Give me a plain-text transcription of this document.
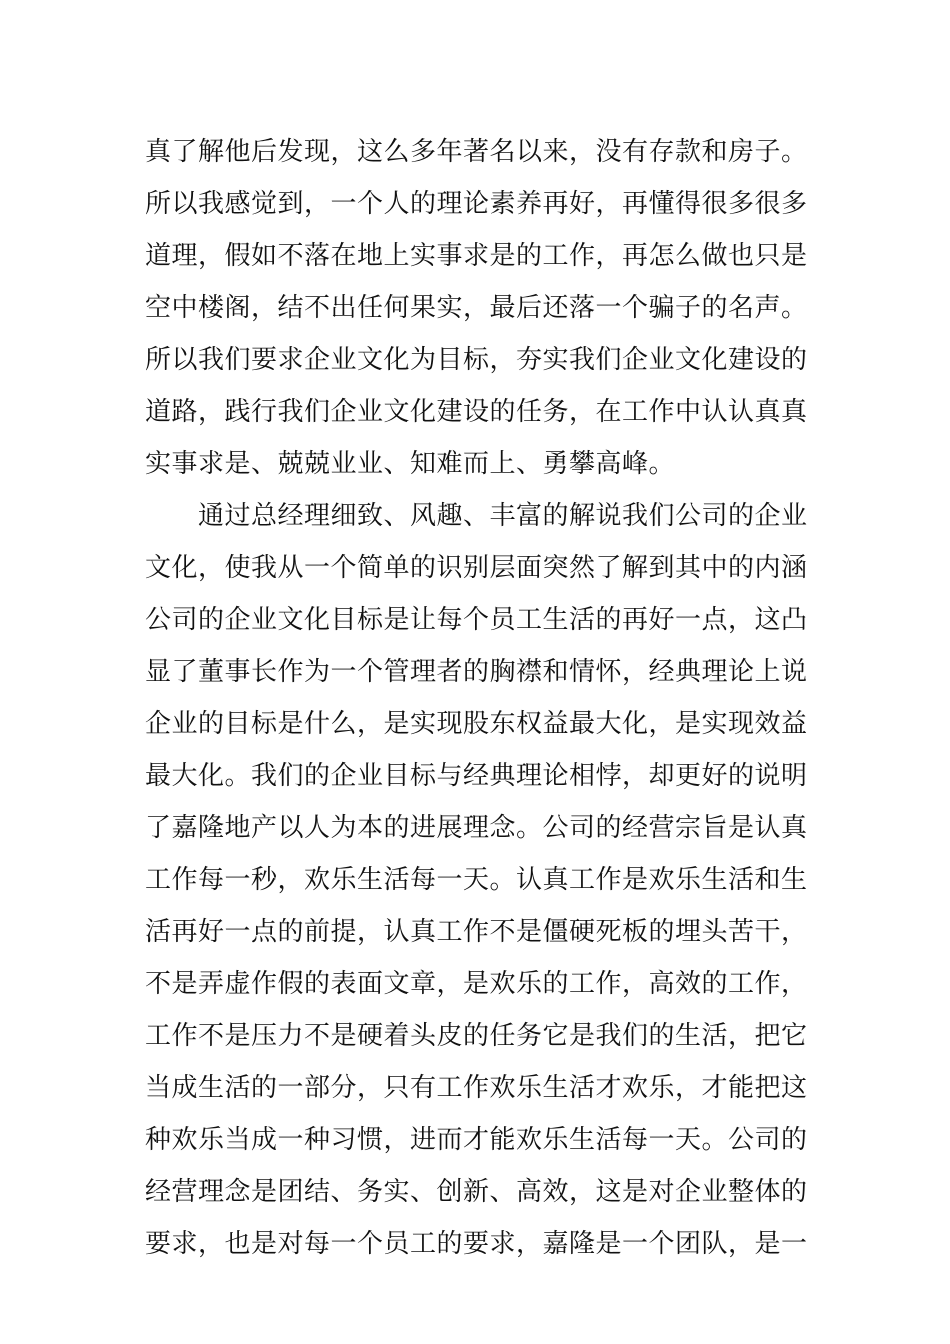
真了解他后发现，这么多年著名以来，没有存款和房子。
所以我感觉到，一个人的理论素养再好，再懂得很多很多
道理，假如不落在地上实事求是的工作，再怎么做也只是
空中楼阁，结不出任何果实，最后还落一个骗子的名声。
所以我们要求企业文化为目标，夯实我们企业文化建设的
道路，践行我们企业文化建设的任务，在工作中认认真真
实事求是、兢兢业业、知难而上、勇攀高峰。
　　通过总经理细致、风趣、丰富的解说我们公司的企业
文化，使我从一个简单的识别层面突然了解到其中的内涵
公司的企业文化目标是让每个员工生活的再好一点，这凸
显了董事长作为一个管理者的胸襟和情怀，经典理论上说
企业的目标是什么，是实现股东权益最大化，是实现效益
最大化。我们的企业目标与经典理论相悖，却更好的说明
了嘉隆地产以人为本的进展理念。公司的经营宗旨是认真
工作每一秒，欢乐生活每一天。认真工作是欢乐生活和生
活再好一点的前提，认真工作不是僵硬死板的埋头苦干，
不是弄虚作假的表面文章，是欢乐的工作，高效的工作，
工作不是压力不是硬着头皮的任务它是我们的生活，把它
当成生活的一部分，只有工作欢乐生活才欢乐，才能把这
种欢乐当成一种习惯，进而才能欢乐生活每一天。公司的
经营理念是团结、务实、创新、高效，这是对企业整体的
要求，也是对每一个员工的要求，嘉隆是一个团队，是一
